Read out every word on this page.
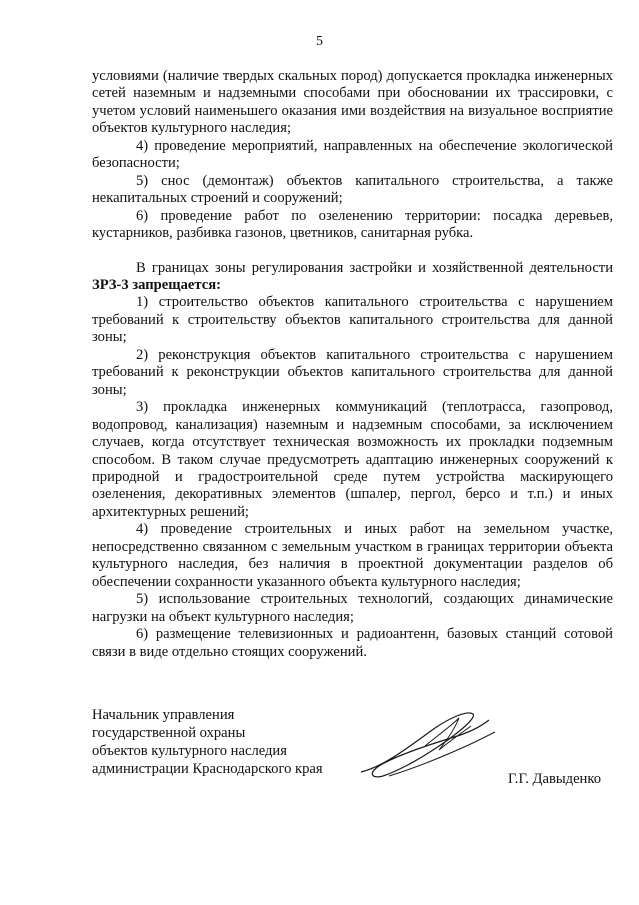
5

условиями (наличие твердых скальных пород) допускается прокладка инженерных сетей наземным и надземными способами при обосновании их трассировки, с учетом условий наименьшего оказания ими воздействия на визуальное восприятие объектов культурного наследия;

4) проведение мероприятий, направленных на обеспечение экологической безопасности;

5) снос (демонтаж) объектов капитального строительства, а также некапитальных строений и сооружений;

6) проведение работ по озеленению территории: посадка деревьев, кустарников, разбивка газонов, цветников, санитарная рубка.

В границах зоны регулирования застройки и хозяйственной деятельности ЗРЗ-3 запрещается:

1) строительство объектов капитального строительства с нарушением требований к строительству объектов капитального строительства для данной зоны;

2) реконструкция объектов капитального строительства с нарушением требований к реконструкции объектов капитального строительства для данной зоны;

3) прокладка инженерных коммуникаций (теплотрасса, газопровод, водопровод, канализация) наземным и надземным способами, за исключением случаев, когда отсутствует техническая возможность их прокладки подземным способом. В таком случае предусмотреть адаптацию инженерных сооружений к природной и градостроительной среде путем устройства маскирующего озеленения, декоративных элементов (шпалер, пергол, берсо и т.п.) и иных архитектурных решений;

4) проведение строительных и иных работ на земельном участке, непосредственно связанном с земельным участком в границах территории объекта культурного наследия, без наличия в проектной документации разделов об обеспечении сохранности указанного объекта культурного наследия;

5) использование строительных технологий, создающих динамические нагрузки на объект культурного наследия;

6) размещение телевизионных и радиоантенн, базовых станций сотовой связи в виде отдельно стоящих сооружений.

Начальник управления
государственной охраны
объектов культурного наследия
администрации Краснодарского края
Г.Г. Давыденко
